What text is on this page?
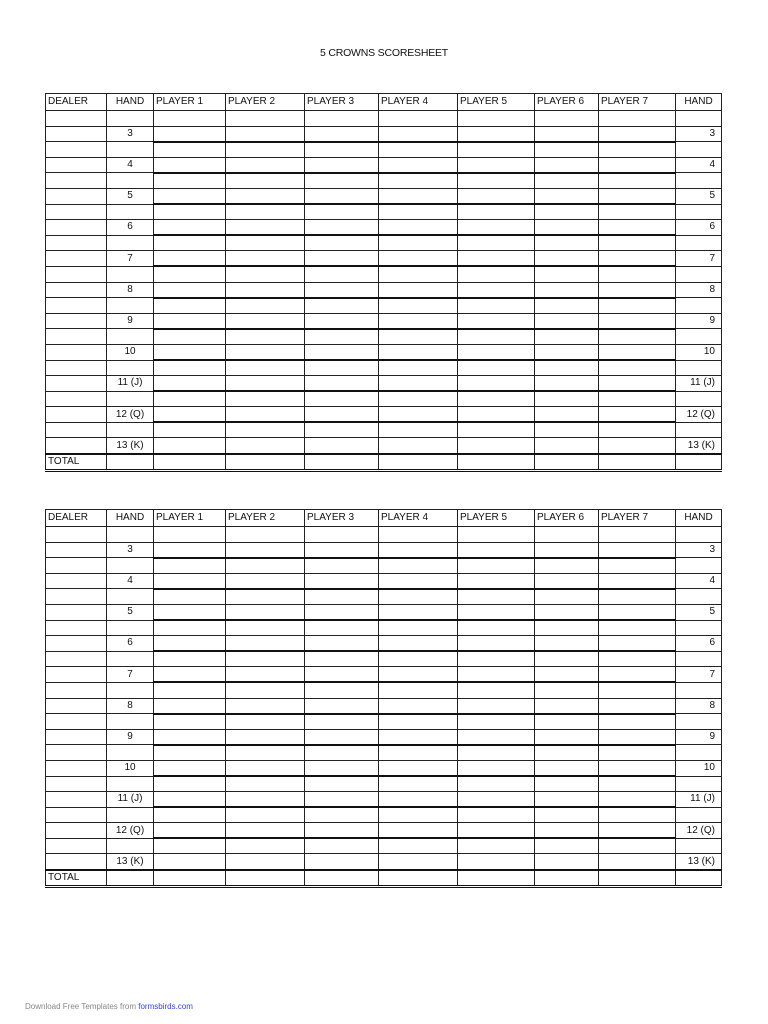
5 CROWNS SCORESHEET
DEALER	HAND	PLAYER 1	PLAYER 2	PLAYER 3	PLAYER 4	PLAYER 5	PLAYER 6	PLAYER 7	HAND

	3								3

	4								4

	5								5

	6								6

	7								7

	8								8

	9								9

	10								10

	11 (J)								11 (J)

	12 (Q)								12 (Q)

	13 (K)								13 (K)
TOTAL									
DEALER	HAND	PLAYER 1	PLAYER 2	PLAYER 3	PLAYER 4	PLAYER 5	PLAYER 6	PLAYER 7	HAND

	3								3

	4								4

	5								5

	6								6

	7								7

	8								8

	9								9

	10								10

	11 (J)								11 (J)

	12 (Q)								12 (Q)

	13 (K)								13 (K)
TOTAL									
Download Free Templates from formsbirds.com
